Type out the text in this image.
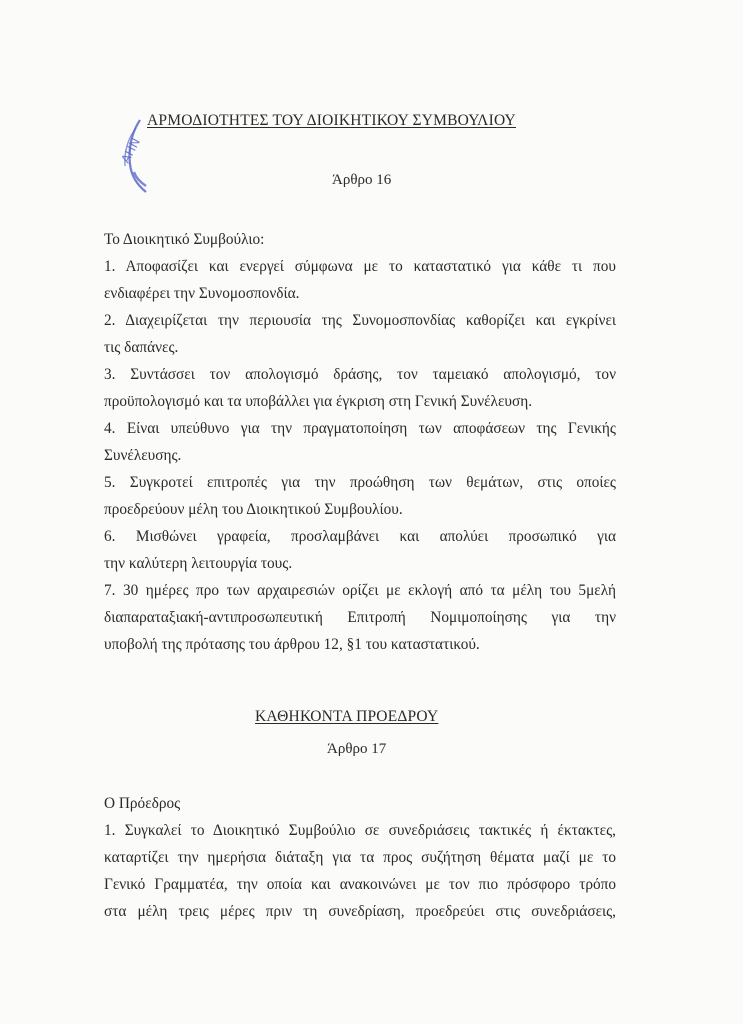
ΑΗΝ
ΑΡΜΟΔΙΟΤΗΤΕΣ ΤΟΥ ΔΙΟΙΚΗΤΙΚΟΥ ΣΥΜΒΟΥΛΙΟΥ
Άρθρο 16
Το Διοικητικό Συμβούλιο:
1. Αποφασίζει και ενεργεί σύμφωνα με το καταστατικό για κάθε τι που
ενδιαφέρει την Συνομοσπονδία.
2. Διαχειρίζεται την περιουσία της Συνομοσπονδίας καθορίζει και εγκρίνει
τις δαπάνες.
3. Συντάσσει τον απολογισμό δράσης, τον ταμειακό απολογισμό, τον
προϋπολογισμό και τα υποβάλλει για έγκριση στη Γενική Συνέλευση.
4. Είναι υπεύθυνο για την πραγματοποίηση των αποφάσεων της Γενικής
Συνέλευσης.
5. Συγκροτεί επιτροπές για την προώθηση των θεμάτων, στις οποίες
προεδρεύουν μέλη του Διοικητικού Συμβουλίου.
6. Μισθώνει γραφεία, προσλαμβάνει και απολύει προσωπικό για
την καλύτερη λειτουργία τους.
7. 30 ημέρες προ των αρχαιρεσιών ορίζει με εκλογή από τα μέλη του 5μελή
διαπαραταξιακή-αντιπροσωπευτική Επιτροπή Νομιμοποίησης για την
υποβολή της πρότασης του άρθρου 12, §1 του καταστατικού.
ΚΑΘΗΚΟΝΤΑ ΠΡΟΕΔΡΟΥ
Άρθρο 17
Ο Πρόεδρος
1. Συγκαλεί το Διοικητικό Συμβούλιο σε συνεδριάσεις τακτικές ή έκτακτες,
καταρτίζει την ημερήσια διάταξη για τα προς συζήτηση θέματα μαζί με το
Γενικό Γραμματέα, την οποία και ανακοινώνει με τον πιο πρόσφορο τρόπο
στα μέλη τρεις μέρες πριν τη συνεδρίαση, προεδρεύει στις συνεδριάσεις,
